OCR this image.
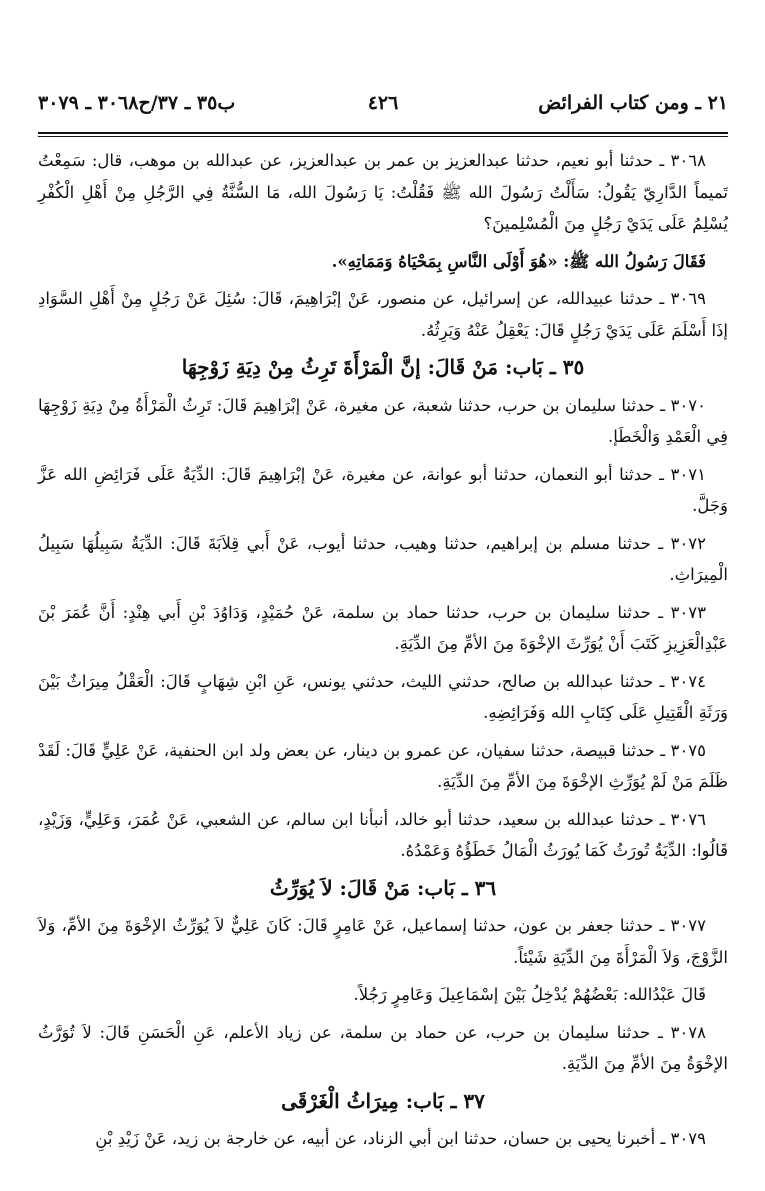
٢١ ـ ومن كتاب الفرائض
٤٢٦
ب٣٥ ـ ٣٧/ح٣٠٦٨ ـ ٣٠٧٩

٣٠٦٨ ـ حدثنا أبو نعيم، حدثنا عبدالعزيز بن عمر بن عبدالعزيز، عن عبدالله بن موهب، قال: سَمِعْتُ تَميماً الدَّارِيّ يَقُولُ: سَأَلْتُ رَسُولَ الله ﷺ فَقُلْتُ: يَا رَسُولَ الله، مَا السُّنَّةُ فِي الرَّجُلِ مِنْ أَهْلِ الْكُفْرِ يُسْلِمُ عَلَى يَدَيْ رَجُلٍ مِنَ الْمُسْلِمينَ؟

فَقَالَ رَسُولُ الله ﷺ: «هُوَ أَوْلَى النَّاسِ بِمَحْيَاهُ وَمَمَاتِهِ».

٣٠٦٩ ـ حدثنا عبيدالله، عن إسرائيل، عن منصور، عَنْ إبْرَاهِيمَ، قَالَ: سُئِلَ عَنْ رَجُلٍ مِنْ أَهْلِ السَّوَادِ إذَا أَسْلَمَ عَلَى يَدَيْ رَجُلٍ قَالَ: يَعْقِلُ عَنْهُ وَيَرِثُهُ.

٣٥ ـ بَاب: مَنْ قَالَ: إنَّ الْمَرْأَةَ تَرِثُ مِنْ دِيَةِ زَوْجِهَا

٣٠٧٠ ـ حدثنا سليمان بن حرب، حدثنا شعبة، عن مغيرة، عَنْ إبْرَاهِيمَ قَالَ: تَرِثُ الْمَرْأَةُ مِنْ دِيَةِ زَوْجِهَا فِي الْعَمْدِ وَالْخَطَإ.

٣٠٧١ ـ حدثنا أبو النعمان، حدثنا أبو عوانة، عن مغيرة، عَنْ إبْرَاهِيمَ قَالَ: الدِّيَةُ عَلَى فَرَائِضِ الله عَزَّ وَجَلَّ.

٣٠٧٢ ـ حدثنا مسلم بن إبراهيم، حدثنا وهيب، حدثنا أيوب، عَنْ أَبي قِلاَبَةَ قَالَ: الدِّيَةُ سَبِيلُهَا سَبِيلُ الْمِيرَاثِ.

٣٠٧٣ ـ حدثنا سليمان بن حرب، حدثنا حماد بن سلمة، عَنْ حُمَيْدٍ، وَدَاوُدَ بْنِ أَبي هِنْدٍ: أَنَّ عُمَرَ بْنَ عَبْدِالْعَزِيزِ كَتَبَ أَنْ يُوَرِّثَ الإخْوَةَ مِنَ الأمِّ مِنَ الدِّيَةِ.

٣٠٧٤ ـ حدثنا عبدالله بن صالح، حدثني الليث، حدثني يونس، عَنِ ابْنِ شِهَابٍ قَالَ: الْعَقْلُ مِيرَاثٌ بَيْنَ وَرَثَةِ الْقَتِيلِ عَلَى كِتَابِ الله وَفَرَائِضِهِ.

٣٠٧٥ ـ حدثنا قبيصة، حدثنا سفيان، عن عمرو بن دينار، عن بعض ولد ابن الحنفية، عَنْ عَلِيٍّ قَالَ: لَقَدْ ظَلَمَ مَنْ لَمْ يُوَرِّثِ الإخْوَةَ مِنَ الأمِّ مِنَ الدِّيَةِ.

٣٠٧٦ ـ حدثنا عبدالله بن سعيد، حدثنا أبو خالد، أنبأنا ابن سالم، عن الشعبي، عَنْ عُمَرَ، وَعَلِيٍّ، وَزَيْدٍ، قَالُوا: الدِّيَةُ تُورَثُ كَمَا يُورَثُ الْمَالُ خَطَؤُهُ وَعَمْدُهُ.

٣٦ ـ بَاب: مَنْ قَالَ: لاَ يُوَرِّثُ

٣٠٧٧ ـ حدثنا جعفر بن عون، حدثنا إسماعيل، عَنْ عَامِرٍ قَالَ: كَانَ عَلِيٌّ لاَ يُوَرِّثُ الإخْوَةَ مِنَ الأمِّ، وَلاَ الزَّوْجَ، وَلاَ الْمَرْأَةَ مِنَ الدِّيَةِ شَيْئاً.

قَالَ عَبْدُالله: بَعْضُهُمْ يُدْخِلُ بَيْنَ إسْمَاعِيلَ وَعَامِرٍ رَجُلاً.

٣٠٧٨ ـ حدثنا سليمان بن حرب، عن حماد بن سلمة، عن زياد الأعلم، عَنِ الْحَسَنِ قَالَ: لاَ تُوَرَّثُ الإخْوَةُ مِنَ الأمِّ مِنَ الدِّيَةِ.

٣٧ ـ بَاب: مِيرَاثُ الْغَرْقَى

٣٠٧٩ ـ أخبرنا يحيى بن حسان، حدثنا ابن أبي الزناد، عن أبيه، عن خارجة بن زيد، عَنْ زَيْدِ بْنِ
